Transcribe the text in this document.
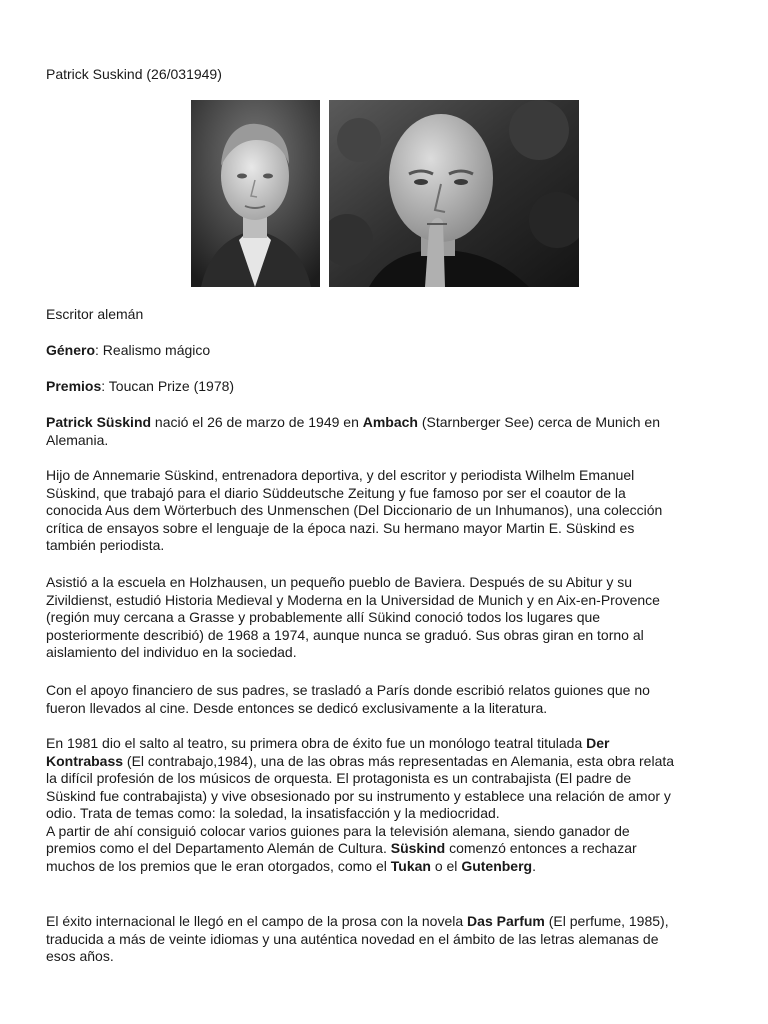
Patrick Suskind (26/031949)

Escritor alemán

Género: Realismo mágico

Premios: Toucan Prize (1978)

Patrick Süskind nació el 26 de marzo de 1949 en Ambach (Starnberger See) cerca de Munich en
Alemania.

Hijo de Annemarie Süskind, entrenadora deportiva, y del escritor y periodista Wilhelm Emanuel
Süskind, que trabajó para el diario Süddeutsche Zeitung y fue famoso por ser el coautor de la
conocida Aus dem Wörterbuch des Unmenschen (Del Diccionario de un Inhumanos), una colección
crítica de ensayos sobre el lenguaje de la época nazi. Su hermano mayor Martin E. Süskind es
también periodista.

Asistió a la escuela en Holzhausen, un pequeño pueblo de Baviera. Después de su Abitur y su
Zivildienst, estudió Historia Medieval y Moderna en la Universidad de Munich y en Aix-en-Provence
(región muy cercana a Grasse y probablemente allí Sükind conoció todos los lugares que
posteriormente describió) de 1968 a 1974, aunque nunca se graduó. Sus obras giran en torno al
aislamiento del individuo en la sociedad.

Con el apoyo financiero de sus padres, se trasladó a París donde escribió relatos guiones que no
fueron llevados al cine. Desde entonces se dedicó exclusivamente a la literatura.

En 1981 dio el salto al teatro, su primera obra de éxito fue un monólogo teatral titulada Der
Kontrabass (El contrabajo,1984), una de las obras más representadas en Alemania, esta obra relata
la difícil profesión de los músicos de orquesta. El protagonista es un contrabajista (El padre de
Süskind fue contrabajista) y vive obsesionado por su instrumento y establece una relación de amor y
odio. Trata de temas como: la soledad, la insatisfacción y la mediocridad.
A partir de ahí consiguió colocar varios guiones para la televisión alemana, siendo ganador de
premios como el del Departamento Alemán de Cultura. Süskind comenzó entonces a rechazar
muchos de los premios que le eran otorgados, como el Tukan o el Gutenberg.

El éxito internacional le llegó en el campo de la prosa con la novela Das Parfum (El perfume, 1985),
traducida a más de veinte idiomas y una auténtica novedad en el ámbito de las letras alemanas de
esos años.
